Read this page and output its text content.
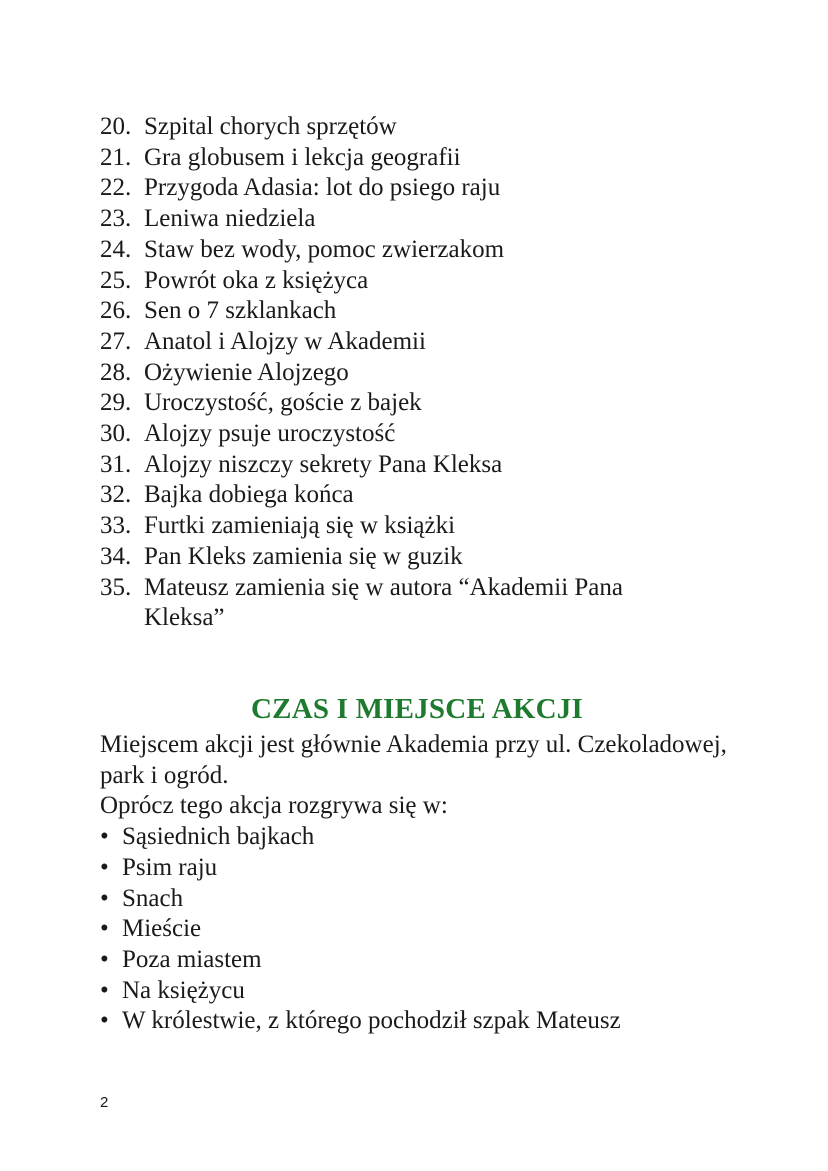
20. Szpital chorych sprzętów
21. Gra globusem i lekcja geografii
22. Przygoda Adasia: lot do psiego raju
23. Leniwa niedziela
24. Staw bez wody, pomoc zwierzakom
25. Powrót oka z księżyca
26. Sen o 7 szklankach
27. Anatol i Alojzy w Akademii
28. Ożywienie Alojzego
29. Uroczystość, goście z bajek
30. Alojzy psuje uroczystość
31. Alojzy niszczy sekrety Pana Kleksa
32. Bajka dobiega końca
33. Furtki zamieniają się w książki
34. Pan Kleks zamienia się w guzik
35. Mateusz zamienia się w autora “Akademii Pana Kleksa”
CZAS I MIEJSCE AKCJI

Miejscem akcji jest głównie Akademia przy ul. Czekoladowej, park i ogród.

Oprócz tego akcja rozgrywa się w:

• Sąsiednich bajkach
• Psim raju
• Snach
• Mieście
• Poza miastem
• Na księżycu
• W królestwie, z którego pochodził szpak Mateusz
2
